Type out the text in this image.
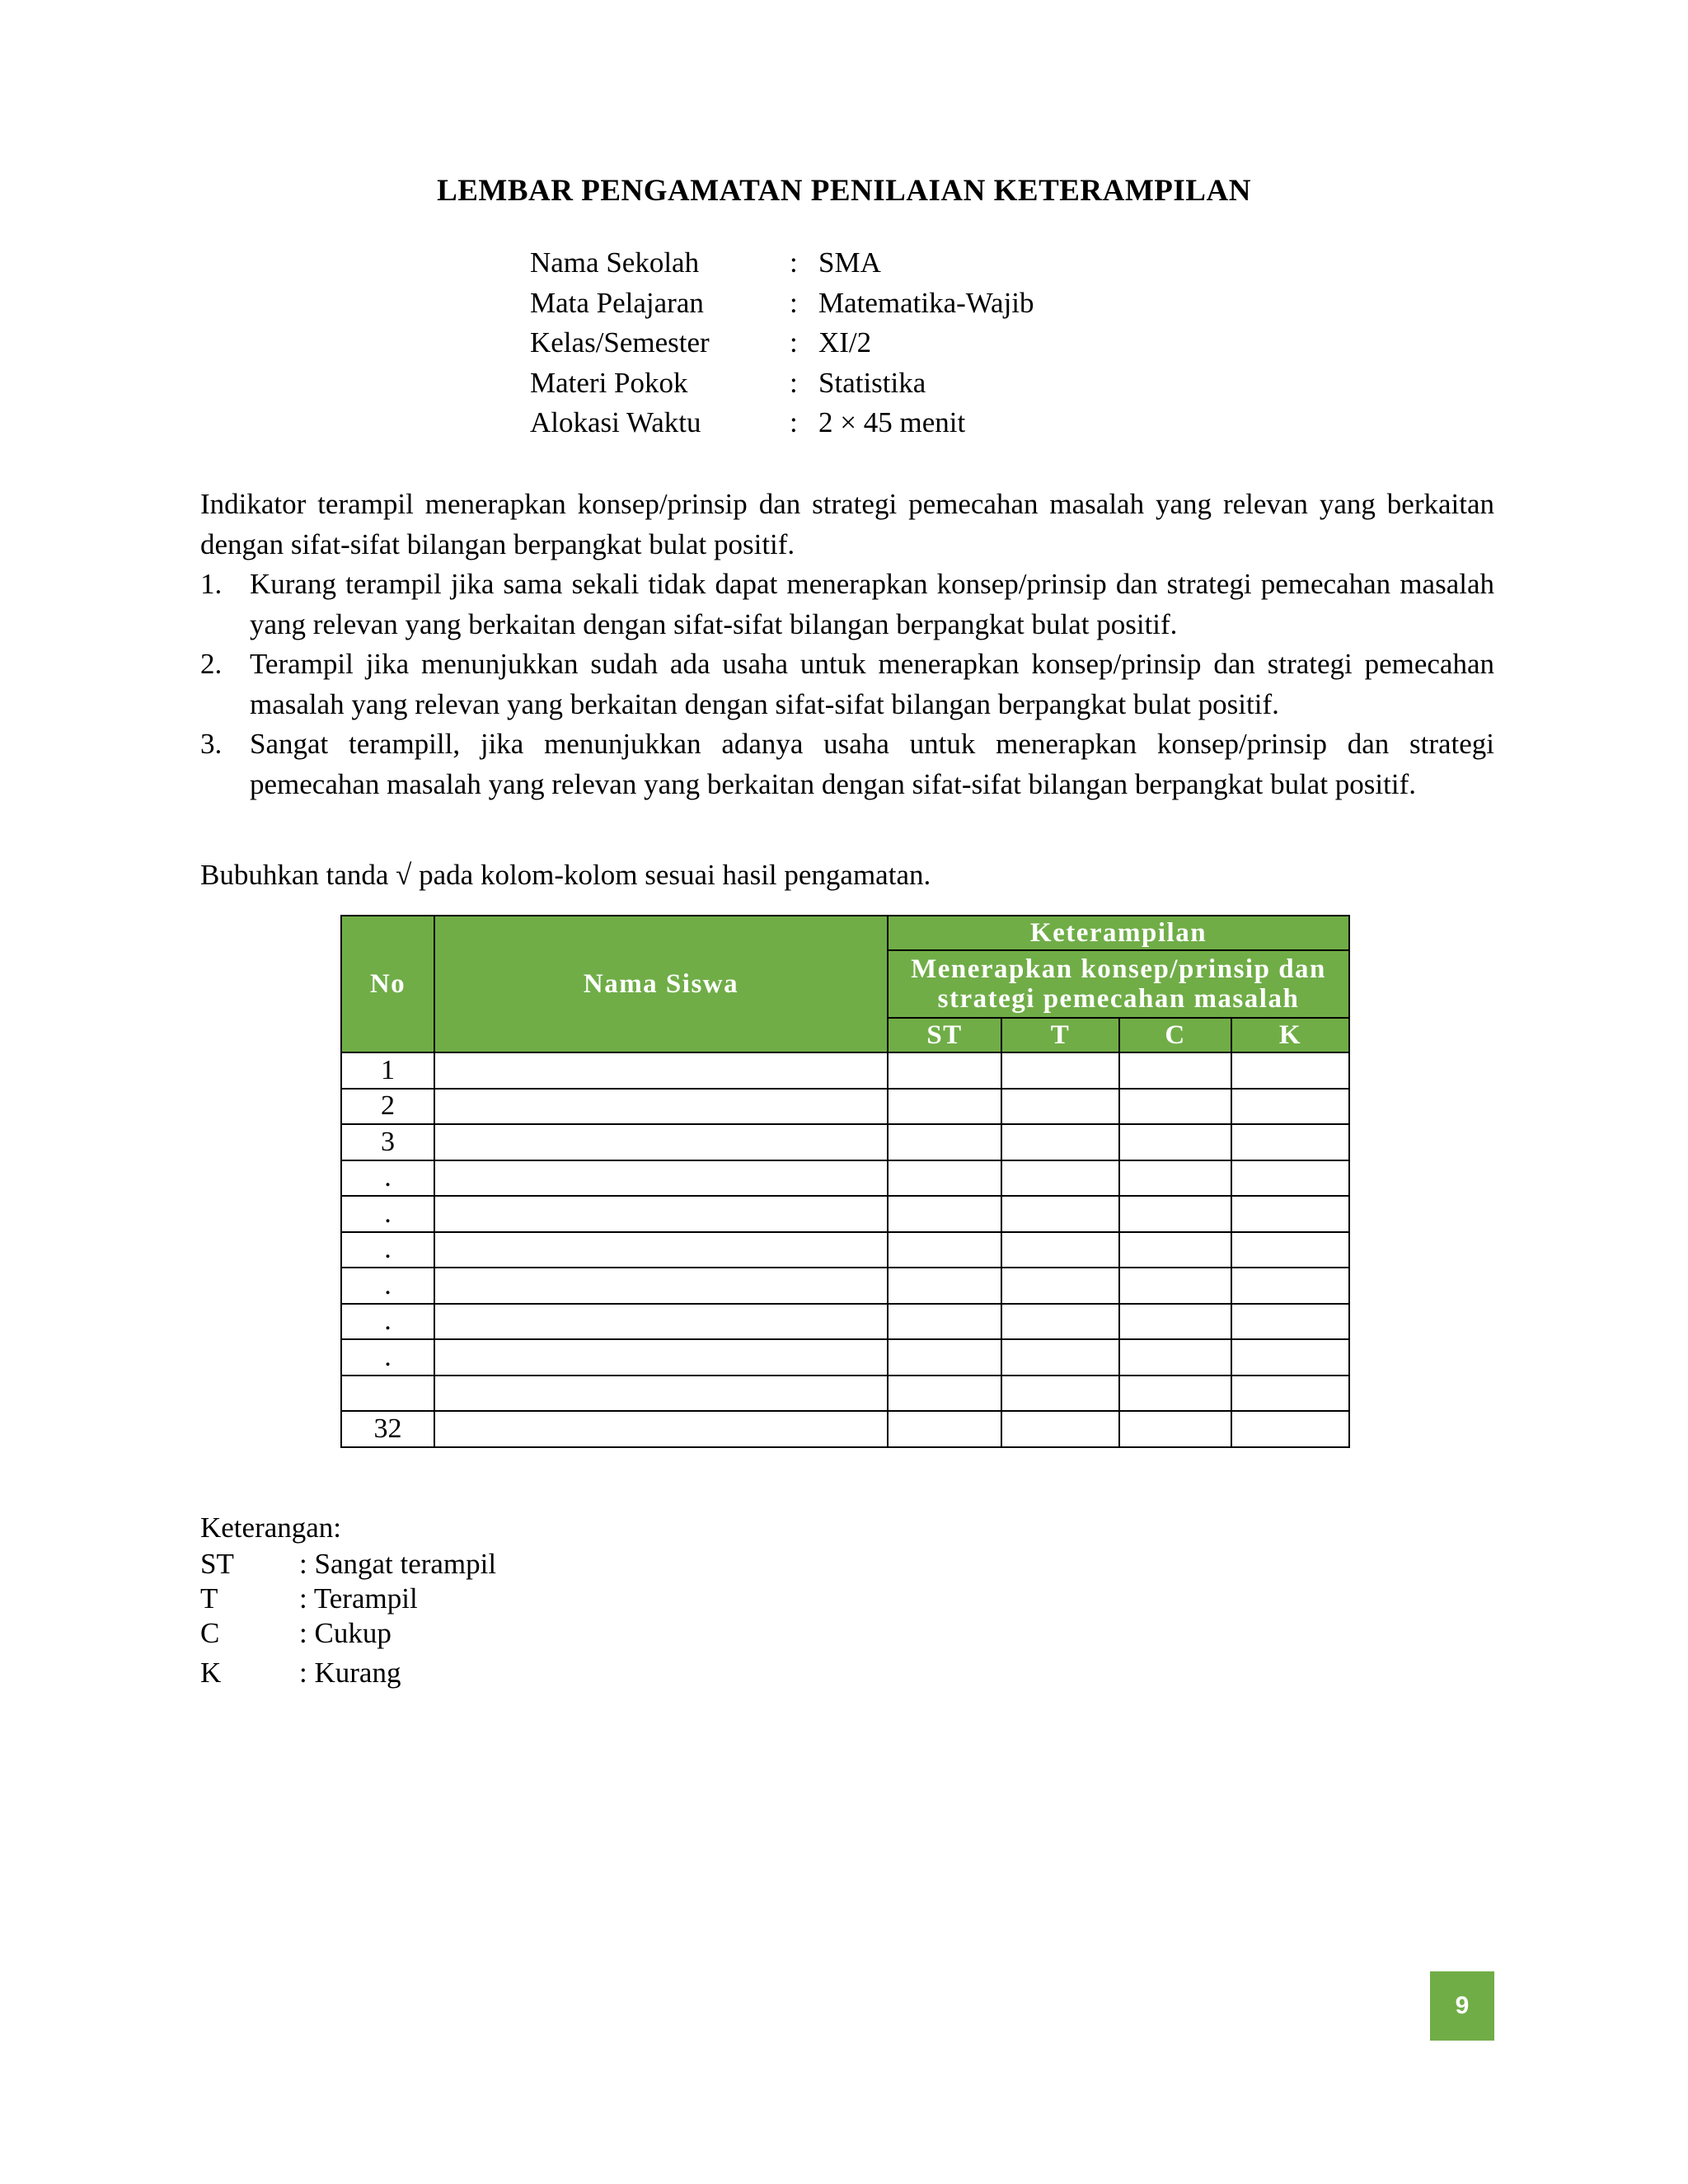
LEMBAR PENGAMATAN PENILAIAN KETERAMPILAN
Nama Sekolah	: SMA
Mata Pelajaran	: Matematika-Wajib
Kelas/Semester	: XI/2
Materi Pokok	: Statistika
Alokasi Waktu	: 2 × 45 menit

Indikator terampil menerapkan konsep/prinsip dan strategi pemecahan masalah yang relevan yang berkaitan dengan sifat-sifat bilangan berpangkat bulat positif.

1. Kurang terampil jika sama sekali tidak dapat menerapkan konsep/prinsip dan strategi pemecahan masalah yang relevan yang berkaitan dengan sifat-sifat bilangan berpangkat bulat positif.
2. Terampil jika menunjukkan sudah ada usaha untuk menerapkan konsep/prinsip dan strategi pemecahan masalah yang relevan yang berkaitan dengan sifat-sifat bilangan berpangkat bulat positif.
3. Sangat terampill, jika menunjukkan adanya usaha untuk menerapkan konsep/prinsip dan strategi pemecahan masalah yang relevan yang berkaitan dengan sifat-sifat bilangan berpangkat bulat positif.
Bubuhkan tanda √ pada kolom-kolom sesuai hasil pengamatan.
No	Nama Siswa	Keterampilan			
		Menerapkan konsep/prinsip dan strategi pemecahan masalah			
		ST	T	C	K
1					
2					
3					
.					
.					
.					
.					
.					
.					

32					
Keterangan:
ST	: Sangat terampil
T	: Terampil
C	: Cukup
K	: Kurang
9
